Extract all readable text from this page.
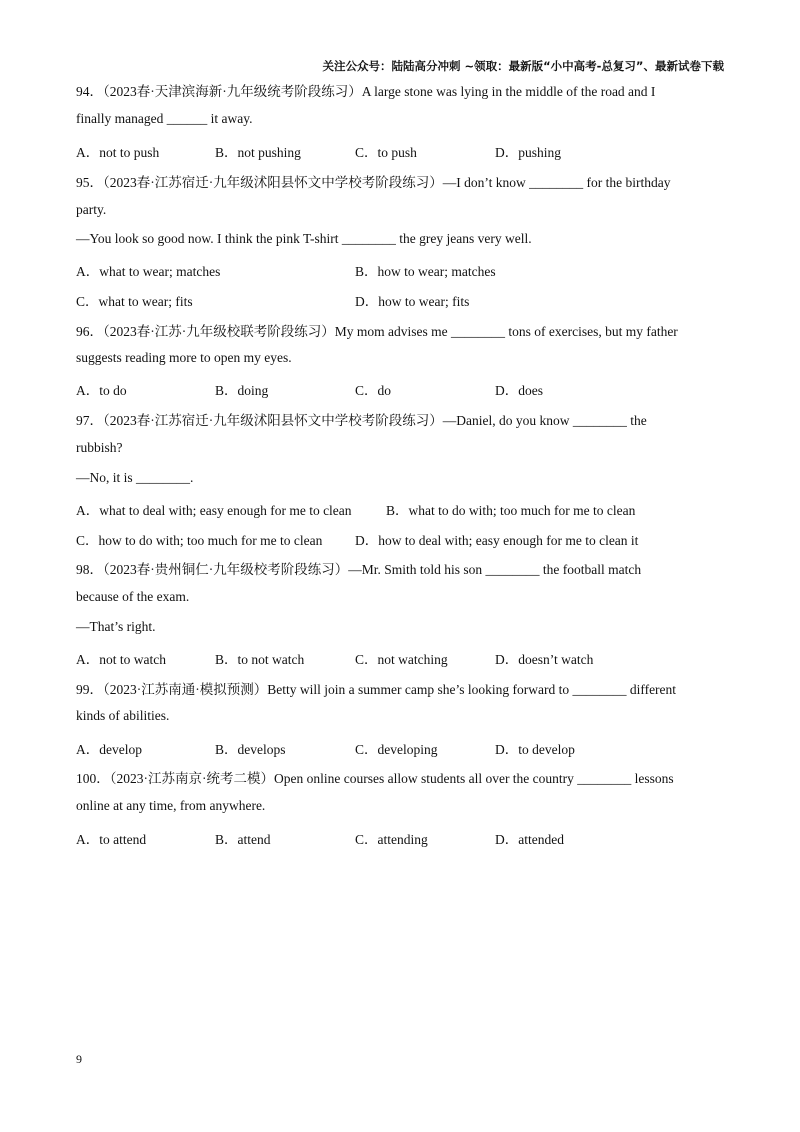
关注公众号：陆陆高分冲刺 ~领取：最新版“小中高考-总复习”、最新试卷下载
94．（2023春·天津滨海新·九年级统考阶段练习）A large stone was lying in the middle of the road and I
finally managed ______ it away.
A．not to push	B．not pushing	C．to push	D．pushing
95．（2023春·江苏宿迁·九年级沭阳县怀文中学校考阶段练习）—I don’t know ________ for the birthday
party.
—You look so good now. I think the pink T-shirt ________ the grey jeans very well.
A．what to wear; matches	B．how to wear; matches
C．what to wear; fits	D．how to wear; fits
96．（2023春·江苏·九年级校联考阶段练习）My mom advises me ________ tons of exercises, but my father
suggests reading more to open my eyes.
A．to do	B．doing	C．do	D．does
97．（2023春·江苏宿迁·九年级沭阳县怀文中学校考阶段练习）—Daniel, do you know ________ the
rubbish?
—No, it is ________.
A．what to deal with; easy enough for me to clean	B．what to do with; too much for me to clean
C．how to do with; too much for me to clean D．how to deal with; easy enough for me to clean it
98．（2023春·贵州铜仁·九年级校考阶段练习）—Mr. Smith told his son ________ the football match
because of the exam.
—That’s right.
A．not to watch	B．to not watch	C．not watching	D．doesn’t watch
99．（2023·江苏南通·模拟预测）Betty will join a summer camp she’s looking forward to ________ different
kinds of abilities.
A．develop	B．develops	C．developing	D．to develop
100．（2023·江苏南京·统考二模）Open online courses allow students all over the country ________ lessons
online at any time, from anywhere.
A．to attend	B．attend	C．attending	D．attended
9
